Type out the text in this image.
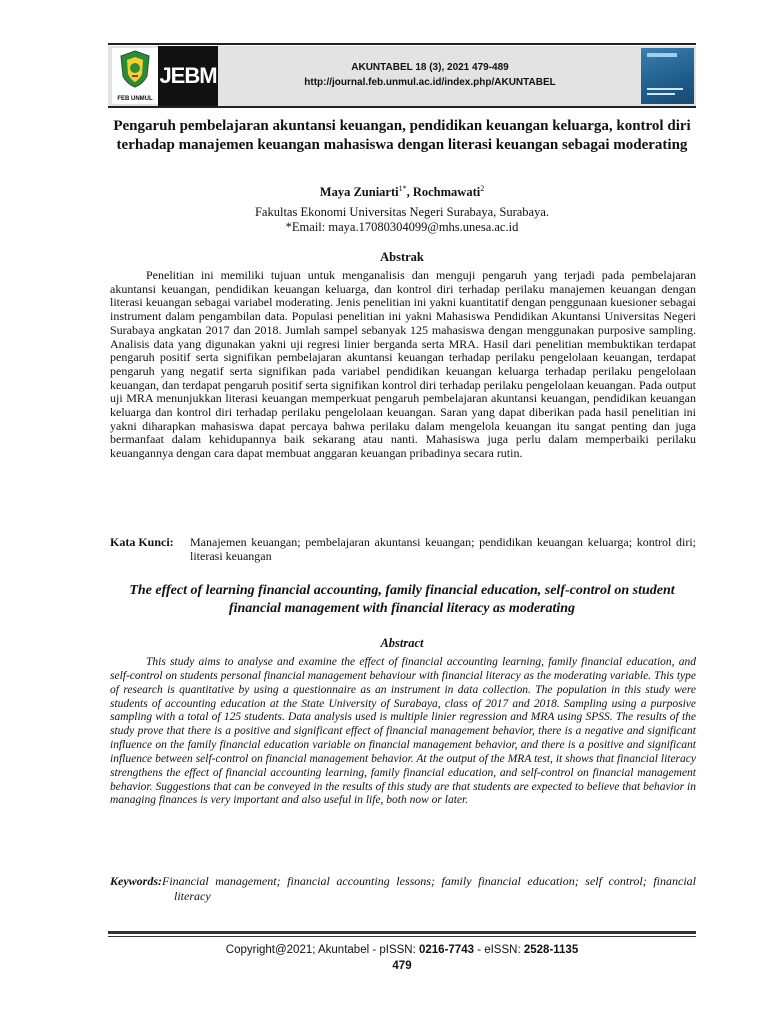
FEB UNMUL
JEBM	AKUNTABEL 18 (3), 2021 479-489
http://journal.feb.unmul.ac.id/index.php/AKUNTABEL
Pengaruh pembelajaran akuntansi keuangan, pendidikan keuangan keluarga, kontrol diri terhadap manajemen keuangan mahasiswa dengan literasi keuangan sebagai moderating
Maya Zuniarti$^{1*}$, Rochmawati$^2$
Fakultas Ekonomi Universitas Negeri Surabaya, Surabaya.
*Email: maya.17080304099@mhs.unesa.ac.id
Abstrak
Penelitian ini memiliki tujuan untuk menganalisis dan menguji pengaruh yang terjadi pada pembelajaran akuntansi keuangan, pendidikan keuangan keluarga, dan kontrol diri terhadap perilaku manajemen keuangan dengan literasi keuangan sebagai variabel moderating. Jenis penelitian ini yakni kuantitatif dengan penggunaan kuesioner sebagai instrument dalam pengambilan data. Populasi penelitian ini yakni Mahasiswa Pendidikan Akuntansi Universitas Negeri Surabaya angkatan 2017 dan 2018. Jumlah sampel sebanyak 125 mahasiswa dengan menggunakan purposive sampling. Analisis data yang digunakan yakni uji regresi linier berganda serta MRA. Hasil dari penelitian membuktikan terdapat pengaruh positif serta signifikan pembelajaran akuntansi keuangan terhadap perilaku pengelolaan keuangan, terdapat pengaruh yang negatif serta signifikan pada variabel pendidikan keuangan keluarga terhadap perilaku pengelolaan keuangan, dan terdapat pengaruh positif serta signifikan kontrol diri terhadap perilaku pengelolaan keuangan. Pada output uji MRA menunjukkan literasi keuangan memperkuat pengaruh pembelajaran akuntansi keuangan, pendidikan keuangan keluarga dan kontrol diri terhadap perilaku pengelolaan keuangan. Saran yang dapat diberikan pada hasil penelitian ini yakni diharapkan mahasiswa dapat percaya bahwa perilaku dalam mengelola keuangan itu sangat penting dan juga bermanfaat dalam kehidupannya baik sekarang atau nanti. Mahasiswa juga perlu dalam memperbaiki perilaku keuangannya dengan cara dapat membuat anggaran keuangan pribadinya secara rutin.
Kata Kunci:	Manajemen keuangan; pembelajaran akuntansi keuangan; pendidikan keuangan keluarga; kontrol diri; literasi keuangan
The effect of learning financial accounting, family financial education, self-control on student financial management with financial literacy as moderating
Abstract
This study aims to analyse and examine the effect of financial accounting learning, family financial education, and self-control on students personal financial management behaviour with financial literacy as the moderating variable. This type of research is quantitative by using a questionnaire as an instrument in data collection. The population in this study were students of accounting education at the State University of Surabaya, class of 2017 and 2018. Sampling using a purposive sampling with a total of 125 students. Data analysis used is multiple linier regression and MRA using SPSS. The results of the study prove that there is a positive and significant effect of financial management behavior, there is a negative and significant influence on the family financial education variable on financial management behavior, and there is a positive and significant influence between self-control on financial management behavior. At the output of the MRA test, it shows that financial literacy strengthens the effect of financial accounting learning, family financial education, and self-control on financial management behavior. Suggestions that can be conveyed in the results of this study are that students are expected to believe that behavior in managing finances is very important and also useful in life, both now or later.
Keywords:Financial management; financial accounting lessons; family financial education; self control; financial literacy
Copyright@2021; Akuntabel - pISSN: 0216-7743 - eISSN: 2528-1135
479
